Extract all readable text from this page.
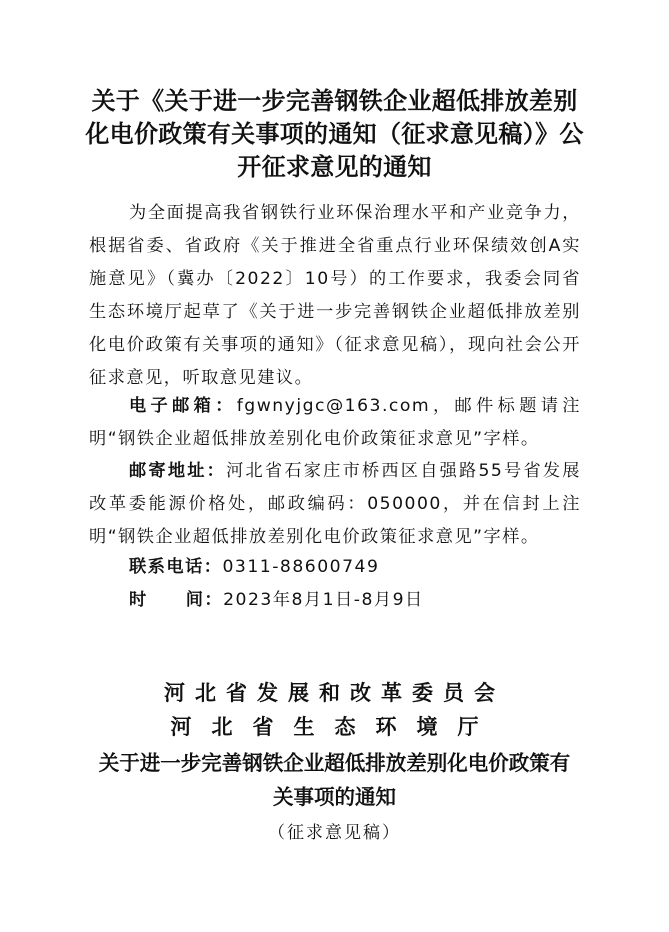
关于《关于进一步完善钢铁企业超低排放差别化电价政策有关事项的通知（征求意见稿）》公开征求意见的通知

为全面提高我省钢铁行业环保治理水平和产业竞争力，根据省委、省政府《关于推进全省重点行业环保绩效创A实施意见》（冀办〔2022〕10号）的工作要求，我委会同省生态环境厅起草了《关于进一步完善钢铁企业超低排放差别化电价政策有关事项的通知》（征求意见稿），现向社会公开征求意见，听取意见建议。

电子邮箱：fgwnyjgc@163.com，邮件标题请注明“钢铁企业超低排放差别化电价政策征求意见”字样。

邮寄地址：河北省石家庄市桥西区自强路55号省发展改革委能源价格处，邮政编码：050000，并在信封上注明“钢铁企业超低排放差别化电价政策征求意见”字样。

联系电话：0311-88600749

时 间：2023年8月1日-8月9日

河北省发展和改革委员会

河北省生态环境厅

关于进一步完善钢铁企业超低排放差别化电价政策有
关事项的通知

（征求意见稿）
